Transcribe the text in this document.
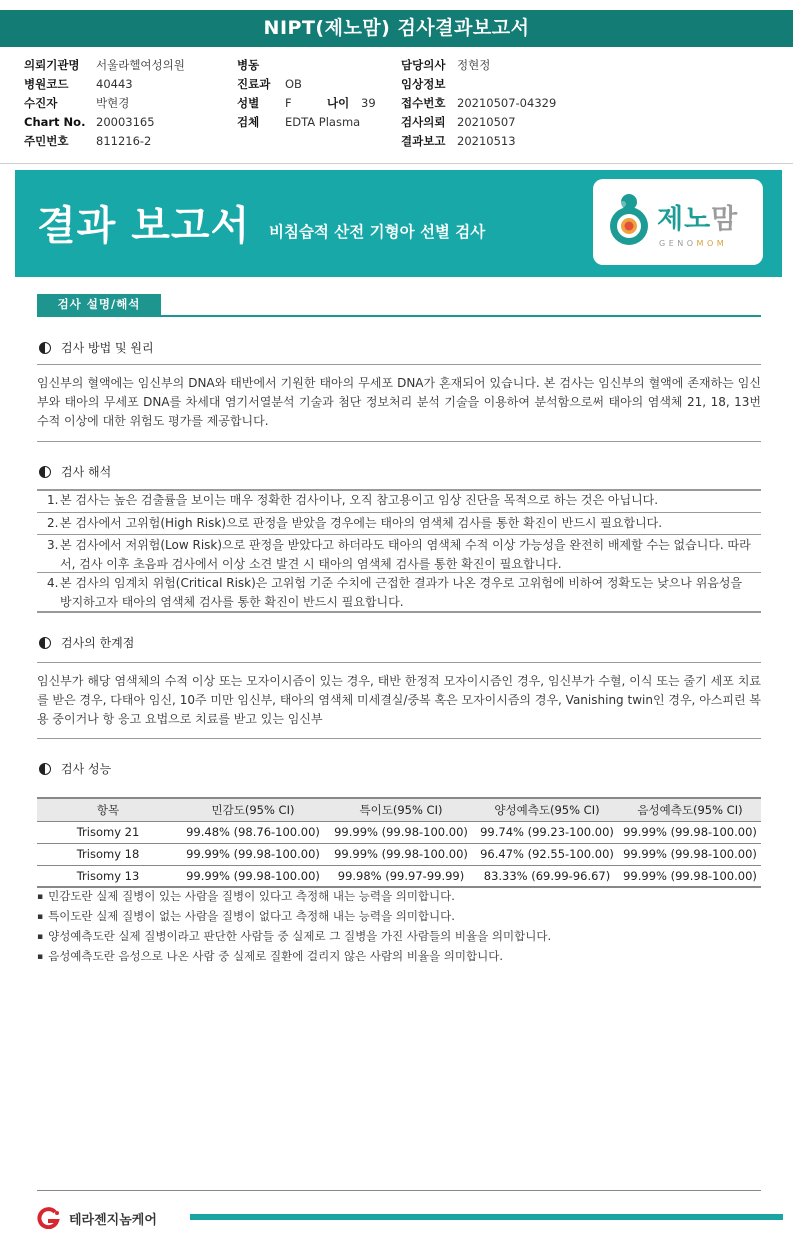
NIPT(제노맘) 검사결과보고서
의뢰기관명 서울라헬여성의원
병원코드 40443
수진자	박현경
Chart No. 20003165
주민번호 811216-2
병동
진료과 OB
성별 F	나이 39
검체 EDTA Plasma
담당의사 정현정
임상정보
접수번호 20210507-04329
검사의뢰 20210507
결과보고 20210513
결과 보고서 비침습적 산전 기형아 선별 검사	제노맘
GENOMOM
검사 설명/해석
검사 방법 및 원리
임신부의 혈액에는 임신부의 DNA와 태반에서 기원한 태아의 무세포 DNA가 혼재되어 있습니다. 본 검사는 임신부의 혈액에 존재하는 임신부와 태아의 무세포 DNA를 차세대 염기서열분석 기술과 첨단 정보처리 분석 기술을 이용하여 분석함으로써 태아의 염색체 21, 18, 13번 수적 이상에 대한 위험도 평가를 제공합니다.
검사 해석
1. 본 검사는 높은 검출률을 보이는 매우 정확한 검사이나, 오직 참고용이고 임상 진단을 목적으로 하는 것은 아닙니다.
2. 본 검사에서 고위험(High Risk)으로 판정을 받았을 경우에는 태아의 염색체 검사를 통한 확진이 반드시 필요합니다.
3. 본 검사에서 저위험(Low Risk)으로 판정을 받았다고 하더라도 태아의 염색체 수적 이상 가능성을 완전히 배제할 수는 없습니다. 따라서, 검사 이후 초음파 검사에서 이상 소견 발견 시 태아의 염색체 검사를 통한 확진이 필요합니다.
4. 본 검사의 임계치 위험(Critical Risk)은 고위험 기준 수치에 근접한 결과가 나온 경우로 고위험에 비하여 정확도는 낮으나 위음성을 방지하고자 태아의 염색체 검사를 통한 확진이 반드시 필요합니다.
검사의 한계점
임신부가 해당 염색체의 수적 이상 또는 모자이시즘이 있는 경우, 태반 한정적 모자이시즘인 경우, 임신부가 수혈, 이식 또는 줄기 세포 치료를 받은 경우, 다태아 임신, 10주 미만 임신부, 태아의 염색체 미세결실/중복 혹은 모자이시즘의 경우, Vanishing twin인 경우, 아스피린 복용 중이거나 항 응고 요법으로 치료를 받고 있는 임신부
검사 성능
항목	민감도(95% CI)	특이도(95% CI)	양성예측도(95% CI)	음성예측도(95% CI)
Trisomy 21	99.48% (98.76-100.00)	99.99% (99.98-100.00)	99.74% (99.23-100.00)	99.99% (99.98-100.00)
Trisomy 18	99.99% (99.98-100.00)	99.99% (99.98-100.00)	96.47% (92.55-100.00)	99.99% (99.98-100.00)
Trisomy 13	99.99% (99.98-100.00)	99.98% (99.97-99.99)	83.33% (69.99-96.67)	99.99% (99.98-100.00)
▪ 민감도란 실제 질병이 있는 사람을 질병이 있다고 측정해 내는 능력을 의미합니다.
▪ 특이도란 실제 질병이 없는 사람을 질병이 없다고 측정해 내는 능력을 의미합니다.
▪ 양성예측도란 실제 질병이라고 판단한 사람들 중 실제로 그 질병을 가진 사람들의 비율을 의미합니다.
▪ 음성예측도란 음성으로 나온 사람 중 실제로 질환에 걸리지 않은 사람의 비율을 의미합니다.
테라젠지놈케어
